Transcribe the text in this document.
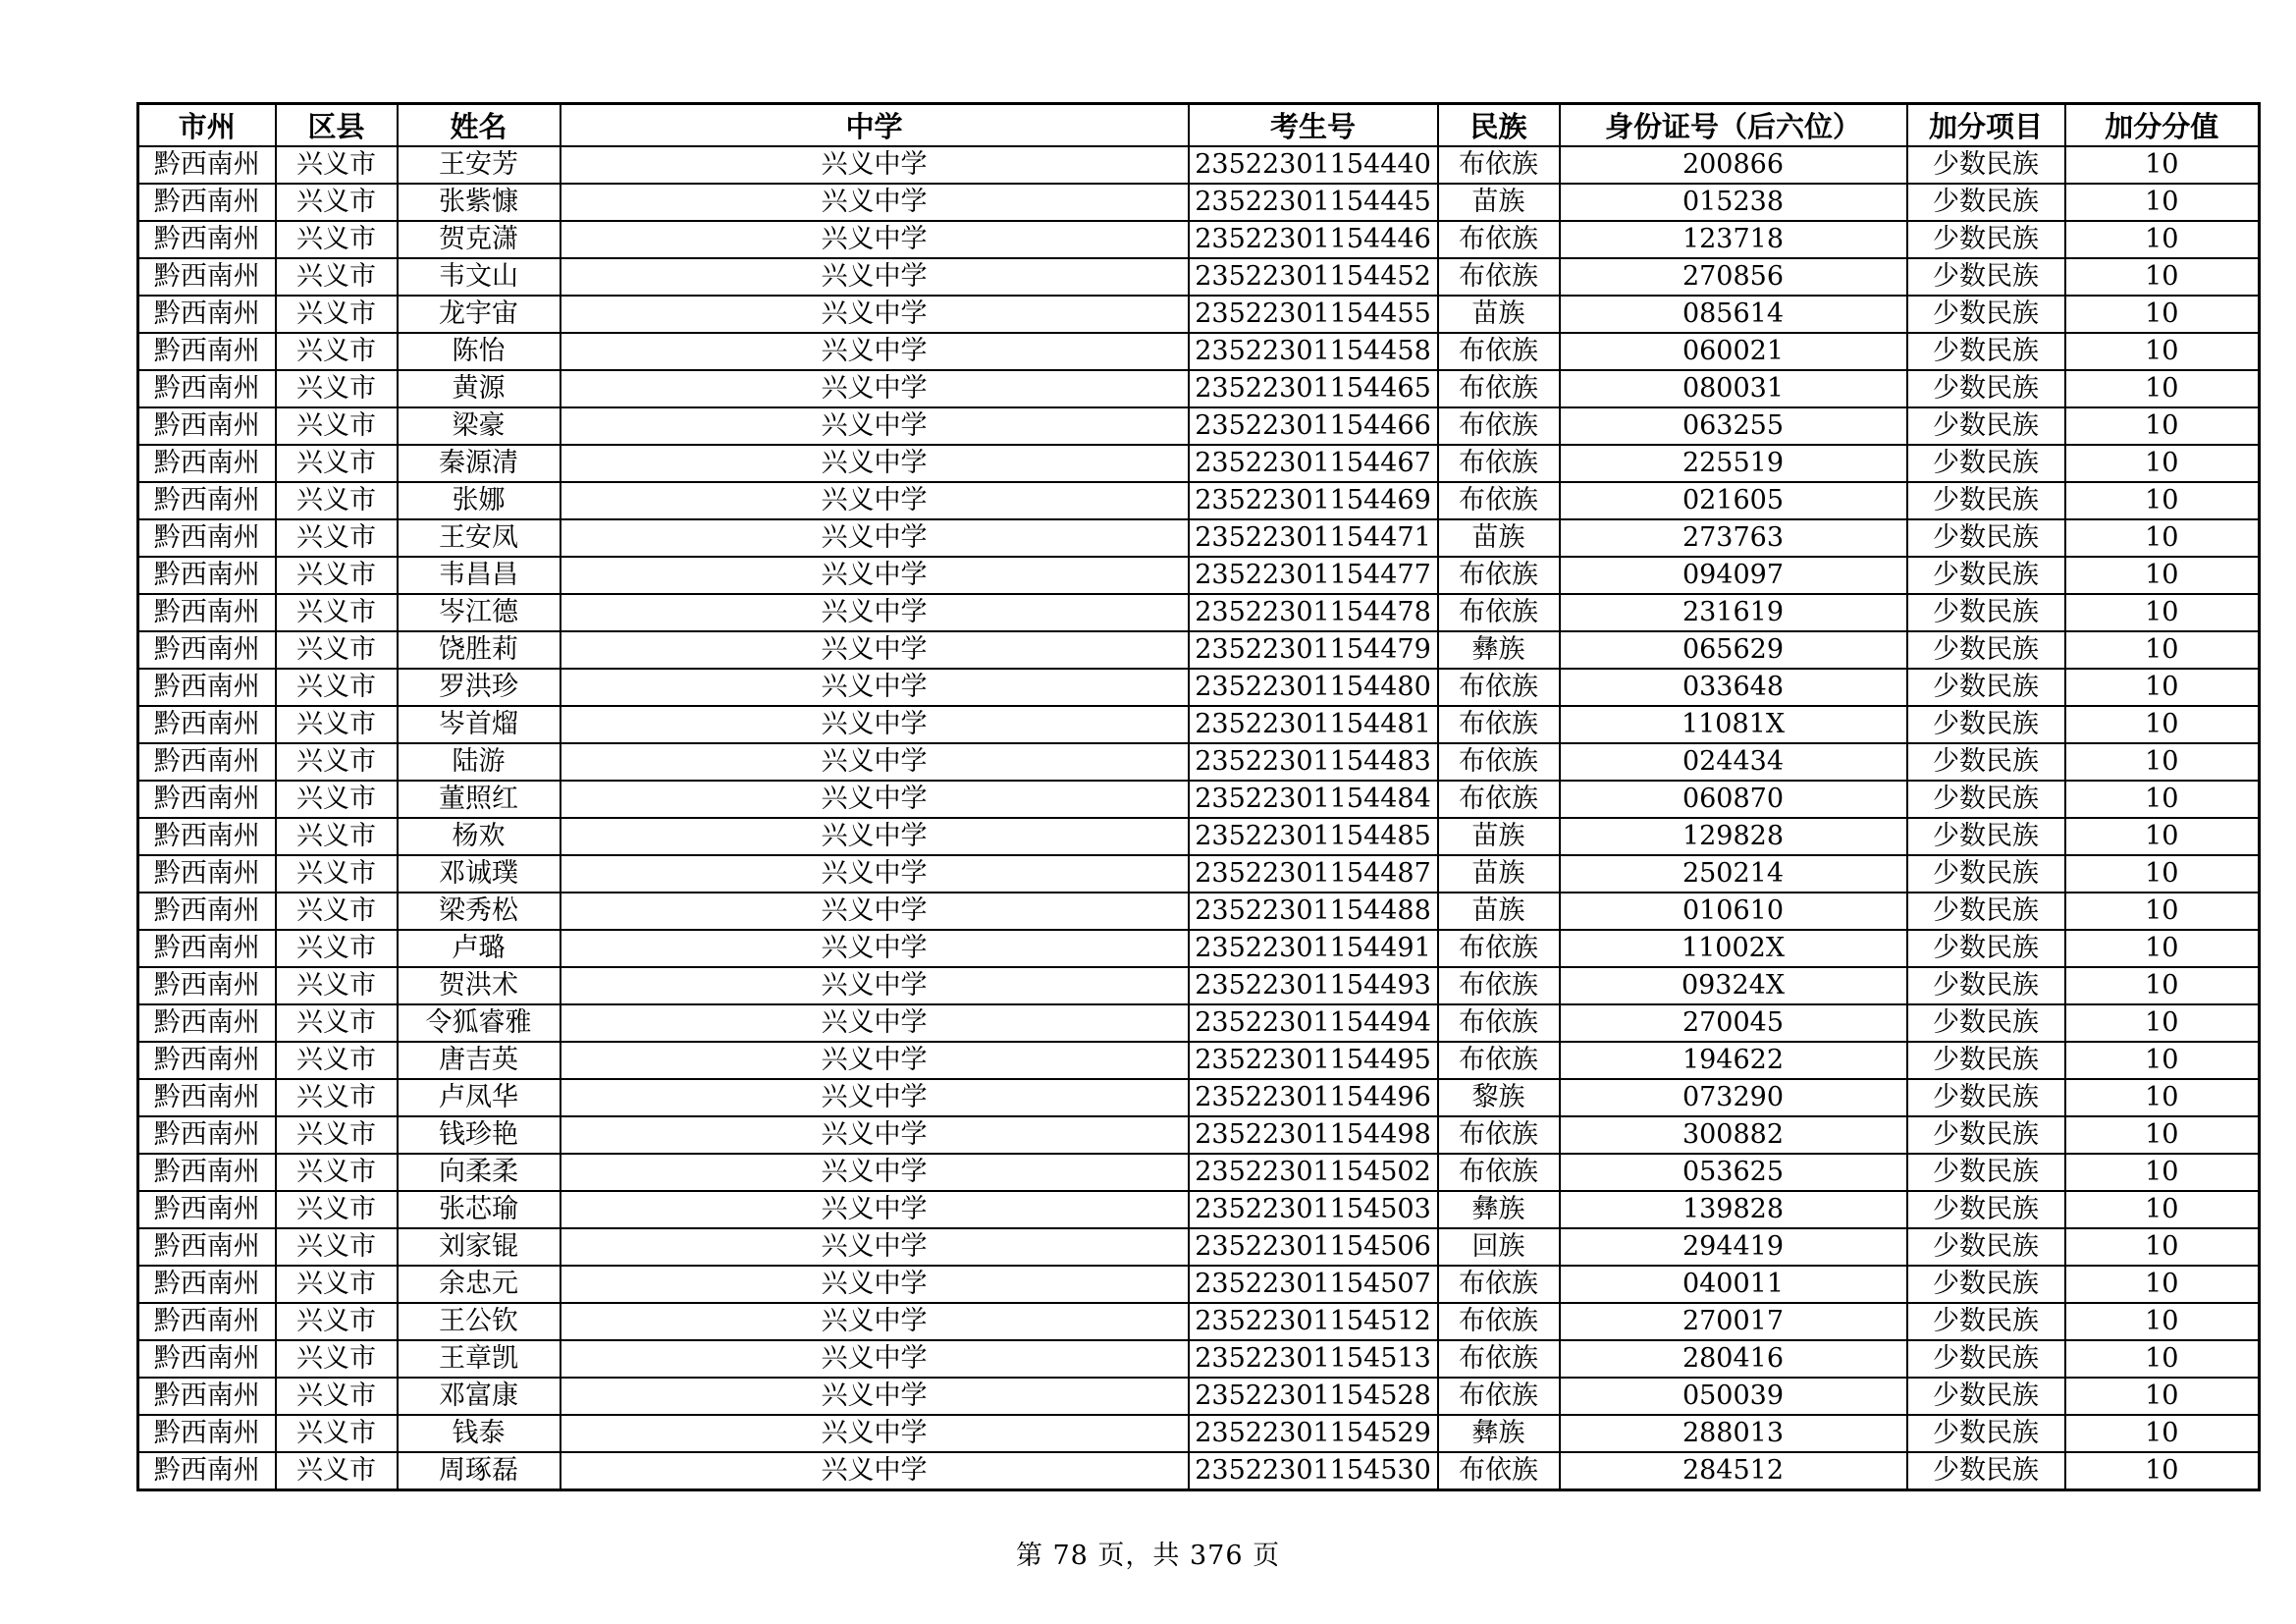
市州	区县	姓名	中学	考生号	民族	身份证号（后六位）	加分项目	加分分值
黔西南州	兴义市	王安芳	兴义中学	23522301154440	布依族	200866	少数民族	10
黔西南州	兴义市	张紫慷	兴义中学	23522301154445	苗族	015238	少数民族	10
黔西南州	兴义市	贺克潇	兴义中学	23522301154446	布依族	123718	少数民族	10
黔西南州	兴义市	韦文山	兴义中学	23522301154452	布依族	270856	少数民族	10
黔西南州	兴义市	龙宇宙	兴义中学	23522301154455	苗族	085614	少数民族	10
黔西南州	兴义市	陈怡	兴义中学	23522301154458	布依族	060021	少数民族	10
黔西南州	兴义市	黄源	兴义中学	23522301154465	布依族	080031	少数民族	10
黔西南州	兴义市	梁豪	兴义中学	23522301154466	布依族	063255	少数民族	10
黔西南州	兴义市	秦源清	兴义中学	23522301154467	布依族	225519	少数民族	10
黔西南州	兴义市	张娜	兴义中学	23522301154469	布依族	021605	少数民族	10
黔西南州	兴义市	王安凤	兴义中学	23522301154471	苗族	273763	少数民族	10
黔西南州	兴义市	韦昌昌	兴义中学	23522301154477	布依族	094097	少数民族	10
黔西南州	兴义市	岑江德	兴义中学	23522301154478	布依族	231619	少数民族	10
黔西南州	兴义市	饶胜莉	兴义中学	23522301154479	彝族	065629	少数民族	10
黔西南州	兴义市	罗洪珍	兴义中学	23522301154480	布依族	033648	少数民族	10
黔西南州	兴义市	岑首熘	兴义中学	23522301154481	布依族	11081X	少数民族	10
黔西南州	兴义市	陆游	兴义中学	23522301154483	布依族	024434	少数民族	10
黔西南州	兴义市	董照红	兴义中学	23522301154484	布依族	060870	少数民族	10
黔西南州	兴义市	杨欢	兴义中学	23522301154485	苗族	129828	少数民族	10
黔西南州	兴义市	邓诚璞	兴义中学	23522301154487	苗族	250214	少数民族	10
黔西南州	兴义市	梁秀松	兴义中学	23522301154488	苗族	010610	少数民族	10
黔西南州	兴义市	卢璐	兴义中学	23522301154491	布依族	11002X	少数民族	10
黔西南州	兴义市	贺洪术	兴义中学	23522301154493	布依族	09324X	少数民族	10
黔西南州	兴义市	令狐睿雅	兴义中学	23522301154494	布依族	270045	少数民族	10
黔西南州	兴义市	唐吉英	兴义中学	23522301154495	布依族	194622	少数民族	10
黔西南州	兴义市	卢凤华	兴义中学	23522301154496	黎族	073290	少数民族	10
黔西南州	兴义市	钱珍艳	兴义中学	23522301154498	布依族	300882	少数民族	10
黔西南州	兴义市	向柔柔	兴义中学	23522301154502	布依族	053625	少数民族	10
黔西南州	兴义市	张芯瑜	兴义中学	23522301154503	彝族	139828	少数民族	10
黔西南州	兴义市	刘家锟	兴义中学	23522301154506	回族	294419	少数民族	10
黔西南州	兴义市	余忠元	兴义中学	23522301154507	布依族	040011	少数民族	10
黔西南州	兴义市	王公钦	兴义中学	23522301154512	布依族	270017	少数民族	10
黔西南州	兴义市	王章凯	兴义中学	23522301154513	布依族	280416	少数民族	10
黔西南州	兴义市	邓富康	兴义中学	23522301154528	布依族	050039	少数民族	10
黔西南州	兴义市	钱泰	兴义中学	23522301154529	彝族	288013	少数民族	10
黔西南州	兴义市	周琢磊	兴义中学	23522301154530	布依族	284512	少数民族	10
第 78 页，共 376 页
